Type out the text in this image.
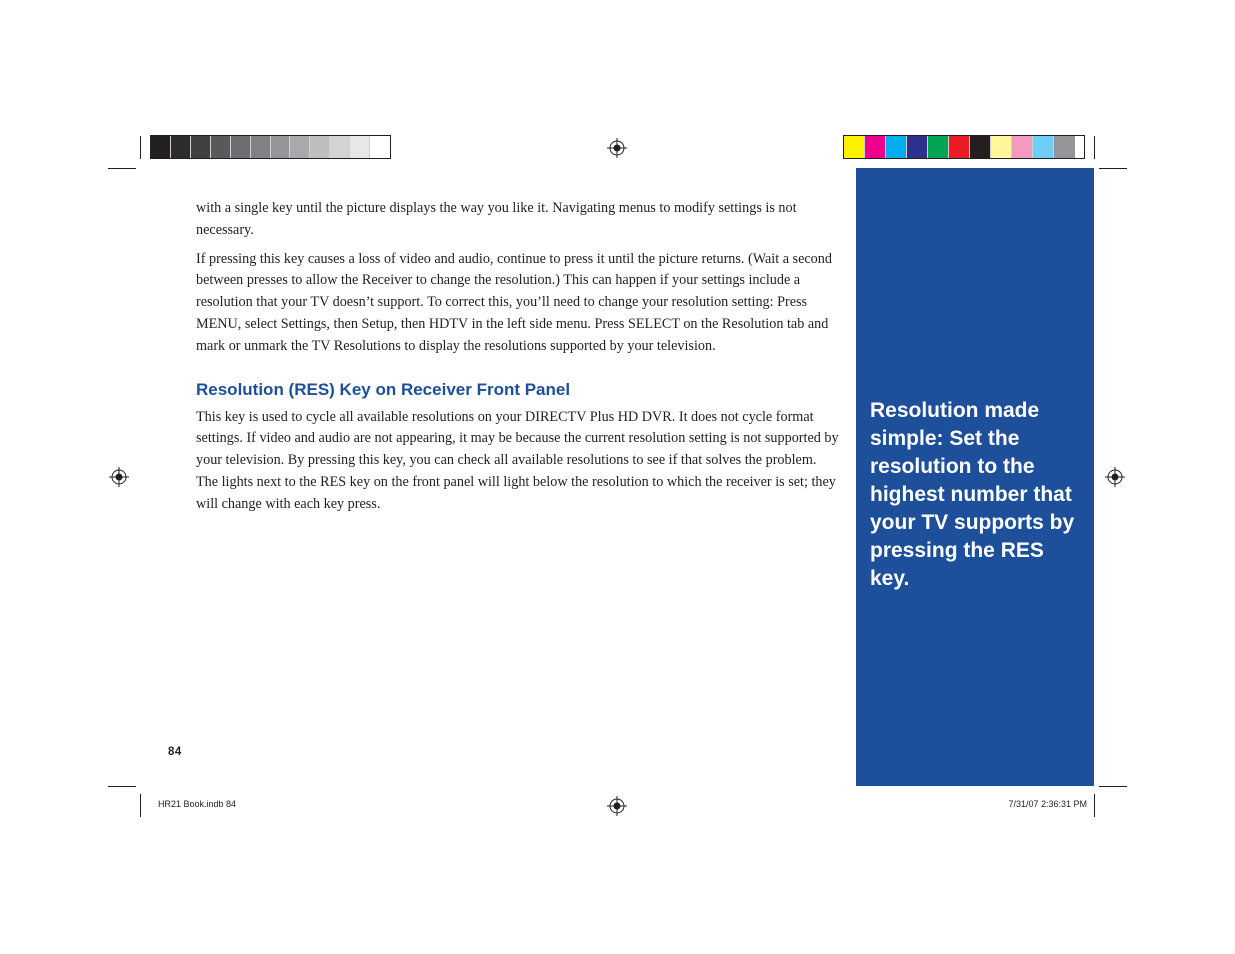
with a single key until the picture displays the way you like it. Navigating menus to modify settings is not necessary.

If pressing this key causes a loss of video and audio, continue to press it until the picture returns. (Wait a second between presses to allow the Receiver to change the resolution.) This can happen if your settings include a resolution that your TV doesn’t support. To correct this, you’ll need to change your resolution setting: Press MENU, select Settings, then Setup, then HDTV in the left side menu. Press SELECT on the Resolution tab and mark or unmark the TV Resolutions to display the resolutions supported by your television.

Resolution (RES) Key on Receiver Front Panel

This key is used to cycle all available resolutions on your DIRECTV Plus HD DVR. It does not cycle format settings. If video and audio are not appearing, it may be because the current resolution setting is not supported by your television. By pressing this key, you can check all available resolutions to see if that solves the problem. The lights next to the RES key on the front panel will light below the resolution to which the receiver is set; they will change with each key press.

Resolution made simple: Set the resolution to the highest number that your TV supports by pressing the RES key.

84
HR21 Book.indb 84	7/31/07 2:36:31 PM
